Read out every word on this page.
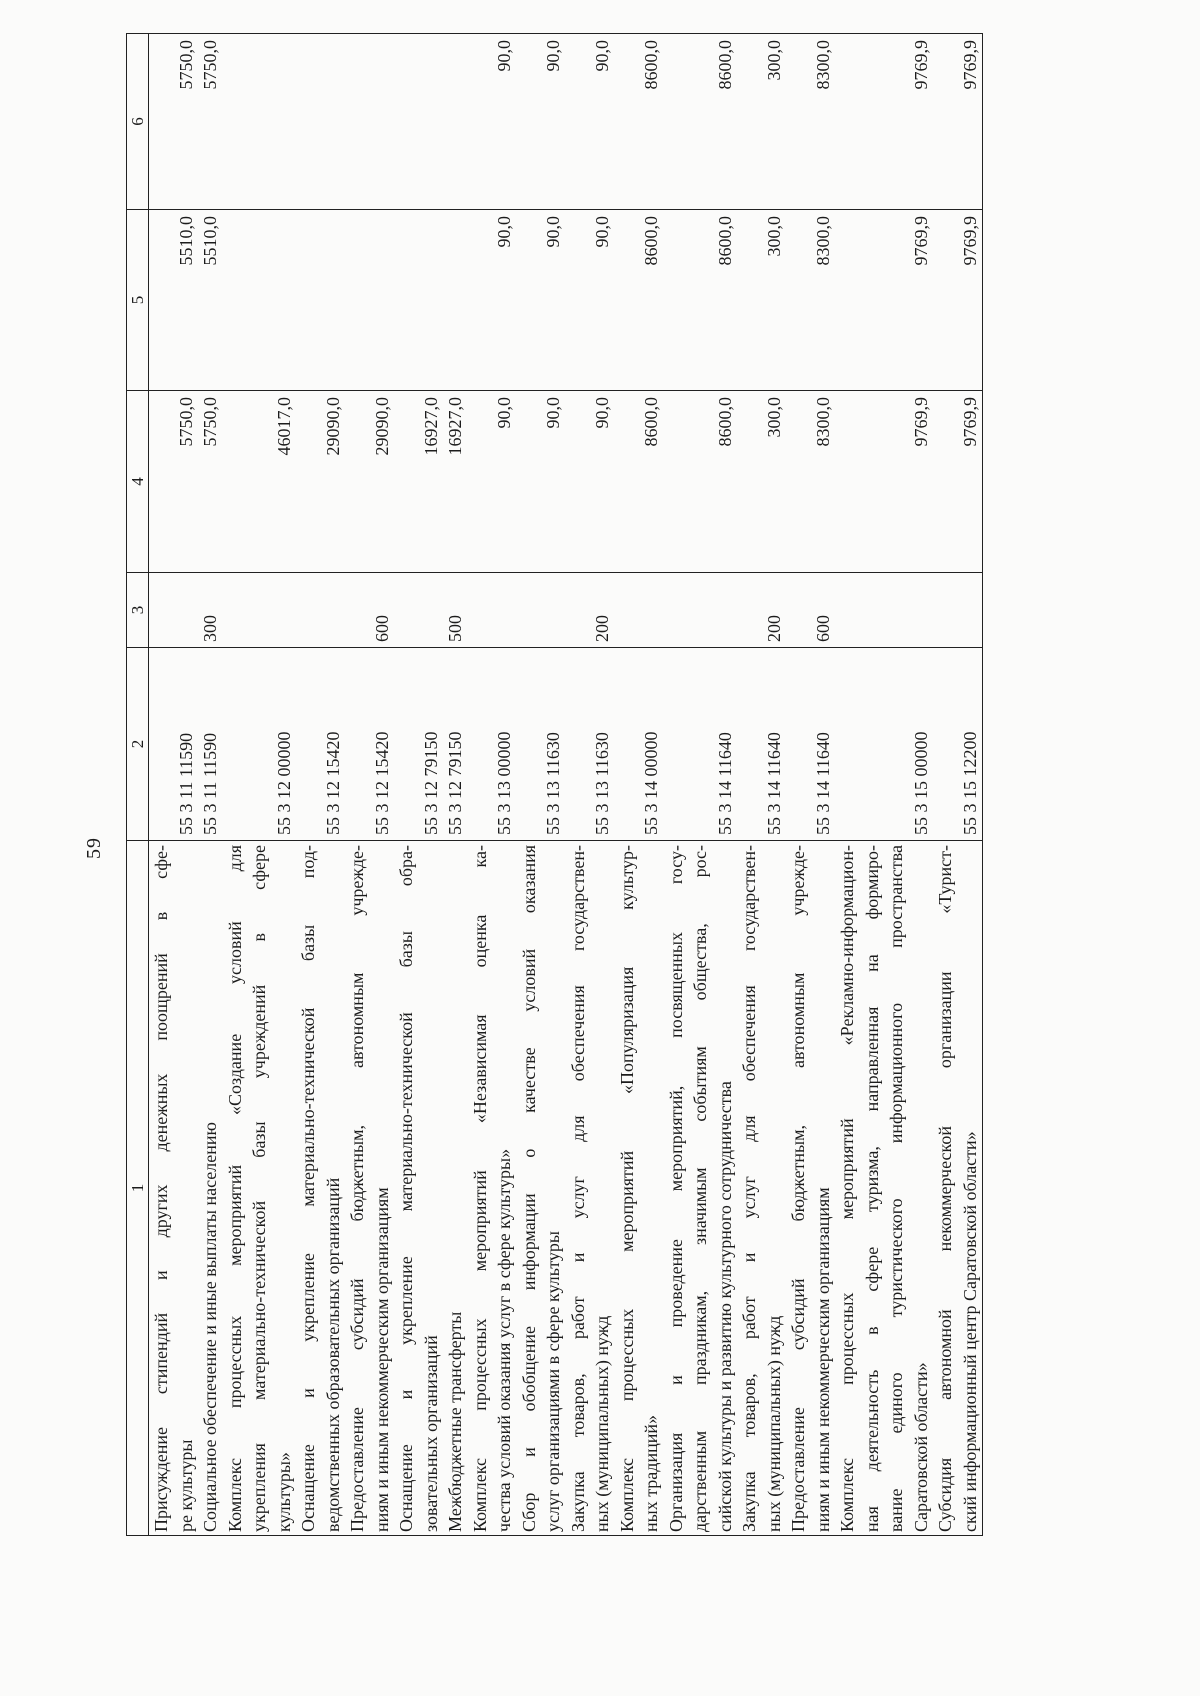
59
1	2	3	4	5	6

Присуждение стипендий и других денежных поощрений в сфе- ре культуры	55 3 11 11590		5750,0	5510,0	5750,0

Социальное обеспечение и иные выплаты населению	55 3 11 11590	300	5750,0	5510,0	5750,0

Комплекс процессных мероприятий «Создание условий для укрепления материально-технической базы учреждений в сфере культуры»	55 3 12 00000		46017,0		

Оснащение и укрепление материально-технической базы под- ведомственных образовательных организаций	55 3 12 15420		29090,0		

Предоставление субсидий бюджетным, автономным учрежде- ниям и иным некоммерческим организациям	55 3 12 15420	600	29090,0		

Оснащение и укрепление материально-технической базы обра- зовательных организаций	55 3 12 79150		16927,0		

Межбюджетные трансферты	55 3 12 79150	500	16927,0		

Комплекс процессных мероприятий «Независимая оценка ка- чества условий оказания услуг в сфере культуры»	55 3 13 00000		90,0	90,0	90,0

Сбор и обобщение информации о качестве условий оказания услуг организациями в сфере культуры	55 3 13 11630		90,0	90,0	90,0

Закупка товаров, работ и услуг для обеспечения государствен- ных (муниципальных) нужд	55 3 13 11630	200	90,0	90,0	90,0

Комплекс процессных мероприятий «Популяризация культур- ных традиций»	55 3 14 00000		8600,0	8600,0	8600,0

Организация и проведение мероприятий, посвященных госу- дарственным праздникам, значимым событиям общества, рос- сийской культуры и развитию культурного сотрудничества	55 3 14 11640		8600,0	8600,0	8600,0

Закупка товаров, работ и услуг для обеспечения государствен- ных (муниципальных) нужд	55 3 14 11640	200	300,0	300,0	300,0

Предоставление субсидий бюджетным, автономным учрежде- ниям и иным некоммерческим организациям	55 3 14 11640	600	8300,0	8300,0	8300,0

Комплекс процессных мероприятий «Рекламно-информацион- ная деятельность в сфере туризма, направленная на формиро- вание единого туристического информационного пространства Саратовской области»	55 3 15 00000		9769,9	9769,9	9769,9

Субсидия автономной некоммерческой организации «Турист- ский информационный центр Саратовской области»	55 3 15 12200		9769,9	9769,9	9769,9
